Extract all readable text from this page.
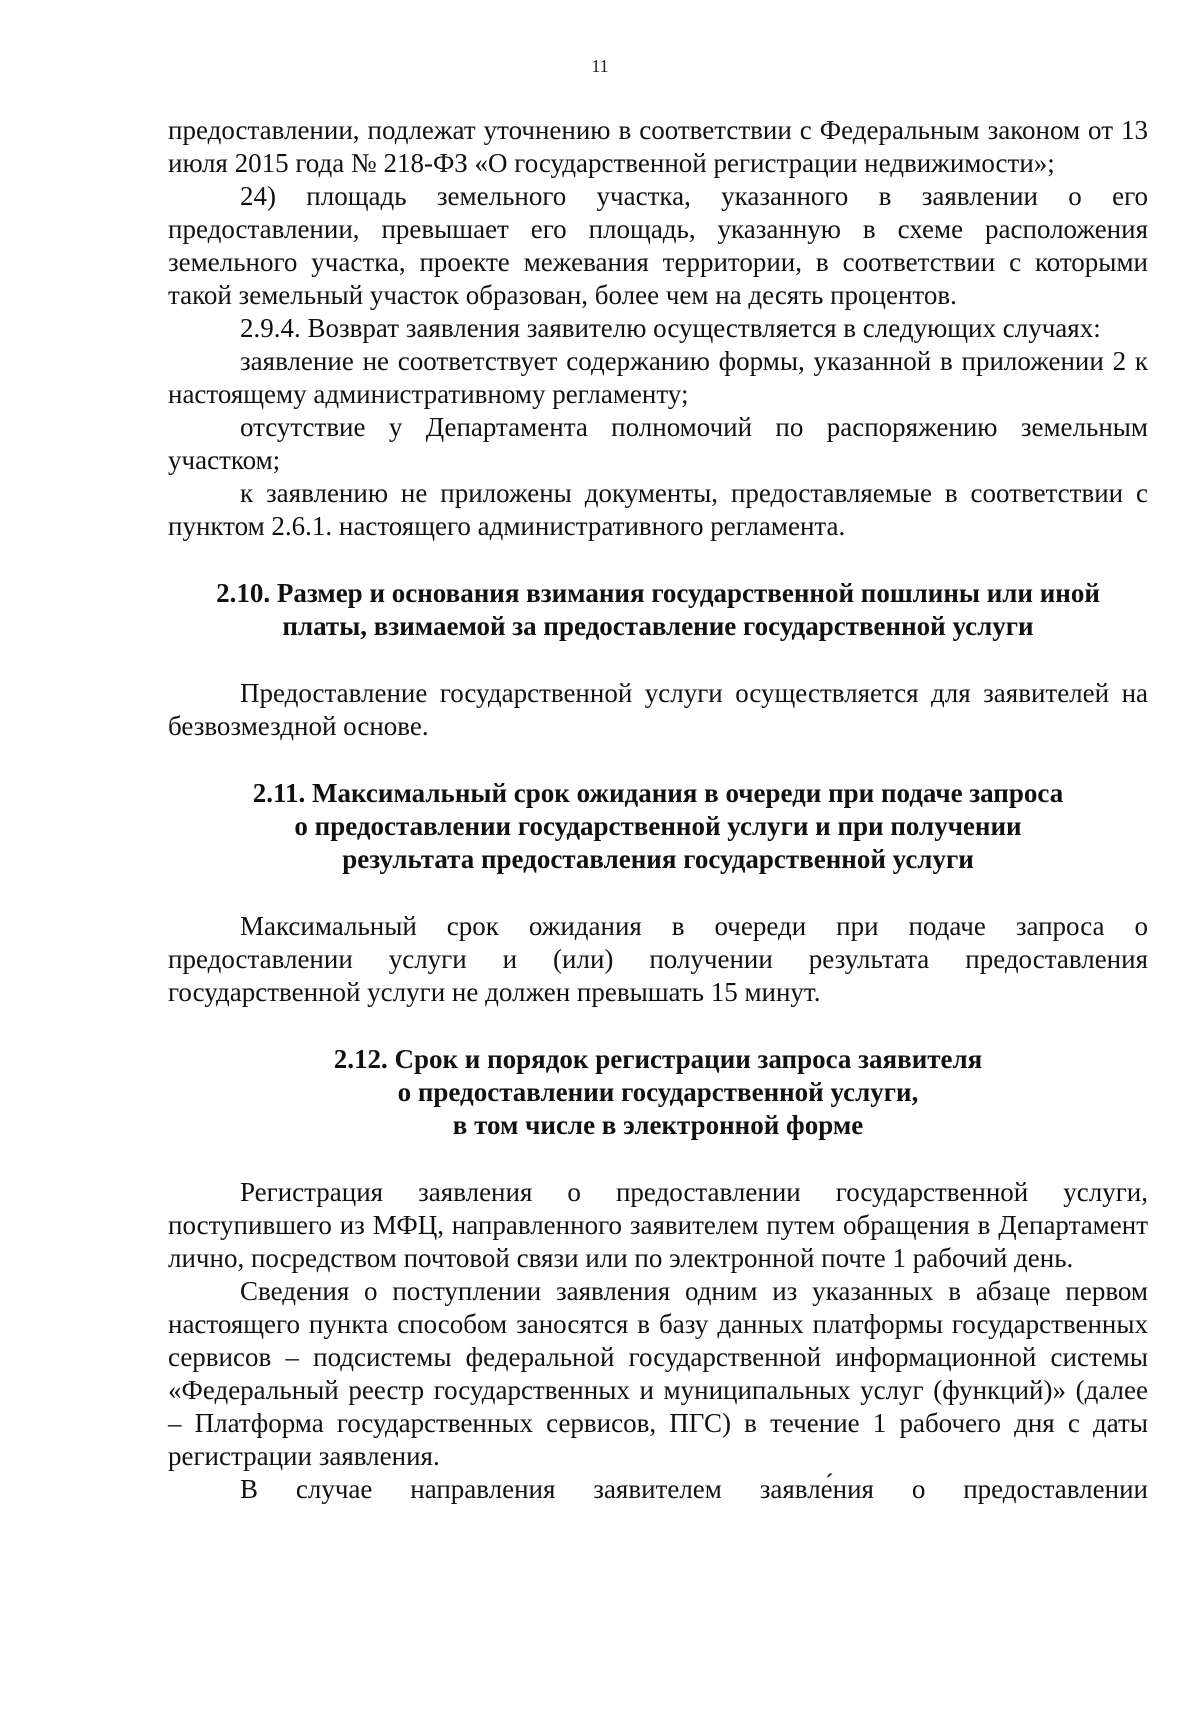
11

предоставлении, подлежат уточнению в соответствии с Федеральным законом от 13 июля 2015 года № 218-ФЗ «О государственной регистрации недвижимости»;

24) площадь земельного участка, указанного в заявлении о его предоставлении, превышает его площадь, указанную в схеме расположения земельного участка, проекте межевания территории, в соответствии с которыми такой земельный участок образован, более чем на десять процентов.

2.9.4. Возврат заявления заявителю осуществляется в следующих случаях:

заявление не соответствует содержанию формы, указанной в приложении 2 к настоящему административному регламенту;

отсутствие у Департамента полномочий по распоряжению земельным участком;

к заявлению не приложены документы, предоставляемые в соответствии с пунктом 2.6.1. настоящего административного регламента.

2.10. Размер и основания взимания государственной пошлины или иной
платы, взимаемой за предоставление государственной услуги

Предоставление государственной услуги осуществляется для заявителей на безвозмездной основе.

2.11. Максимальный срок ожидания в очереди при подаче запроса
о предоставлении государственной услуги и при получении
результата предоставления государственной услуги

Максимальный срок ожидания в очереди при подаче запроса о предоставлении услуги и (или) получении результата предоставления государственной услуги не должен превышать 15 минут.

2.12. Срок и порядок регистрации запроса заявителя
о предоставлении государственной услуги,
в том числе в электронной форме

Регистрация заявления о предоставлении государственной услуги, поступившего из МФЦ, направленного заявителем путем обращения в Департамент лично, посредством почтовой связи или по электронной почте 1 рабочий день.

Сведения о поступлении заявления одним из указанных в абзаце первом настоящего пункта способом заносятся в базу данных платформы государственных сервисов – подсистемы федеральной государственной информационной системы «Федеральный реестр государственных и муниципальных услуг (функций)» (далее – Платформа государственных сервисов, ПГС) в течение 1 рабочего дня с даты регистрации заявления.

В случае направления заявителем заявле́ния о предоставлении
